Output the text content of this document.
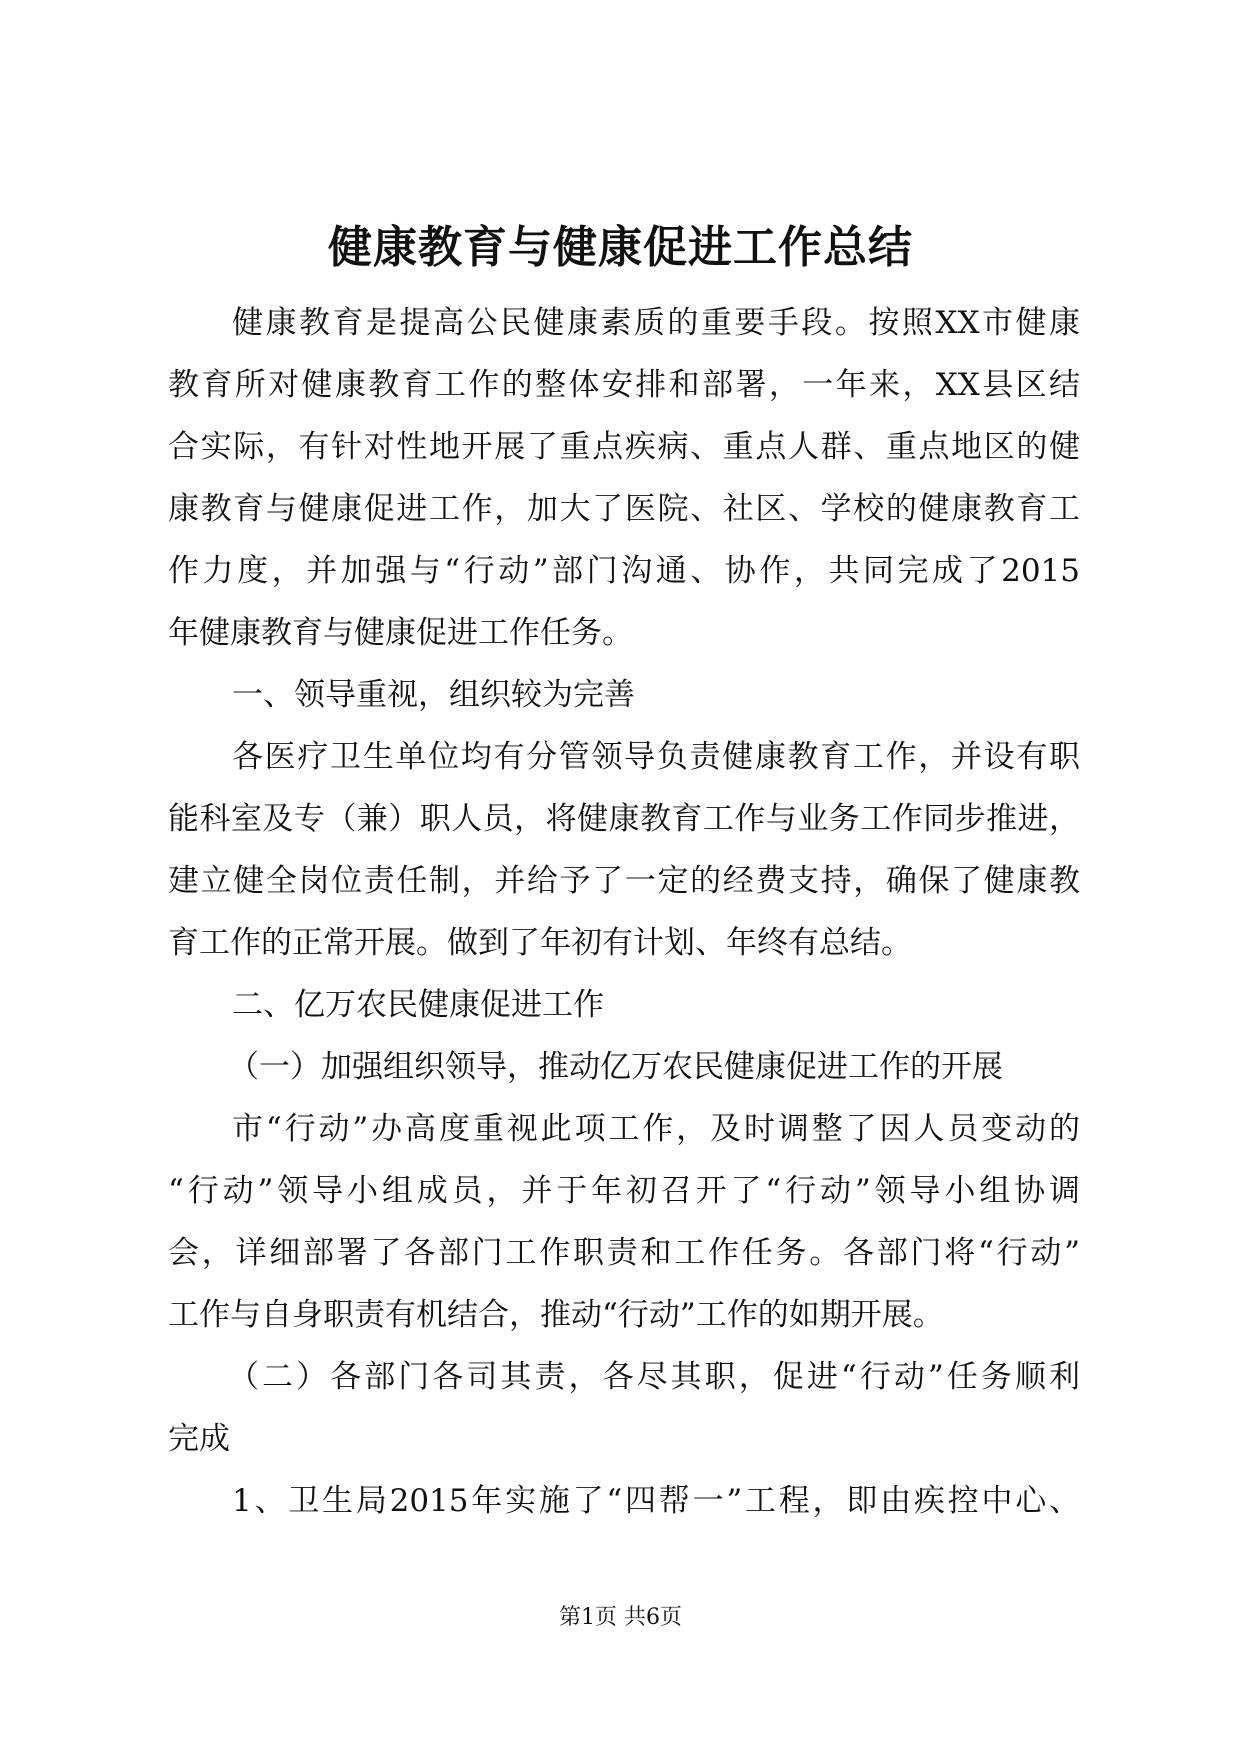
健康教育与健康促进工作总结
健康教育是提高公民健康素质的重要手段。按照XX市健康
教育所对健康教育工作的整体安排和部署，一年来，XX县区结
合实际，有针对性地开展了重点疾病、重点人群、重点地区的健
康教育与健康促进工作，加大了医院、社区、学校的健康教育工
作力度，并加强与“行动”部门沟通、协作，共同完成了2015
年健康教育与健康促进工作任务。
一、领导重视，组织较为完善
各医疗卫生单位均有分管领导负责健康教育工作，并设有职
能科室及专（兼）职人员，将健康教育工作与业务工作同步推进，
建立健全岗位责任制，并给予了一定的经费支持，确保了健康教
育工作的正常开展。做到了年初有计划、年终有总结。
二、亿万农民健康促进工作
（一）加强组织领导，推动亿万农民健康促进工作的开展
市“行动”办高度重视此项工作，及时调整了因人员变动的
“行动”领导小组成员，并于年初召开了“行动”领导小组协调
会，详细部署了各部门工作职责和工作任务。各部门将“行动”
工作与自身职责有机结合，推动“行动”工作的如期开展。
（二）各部门各司其责，各尽其职，促进“行动”任务顺利
完成
1、卫生局2015年实施了“四帮一”工程，即由疾控中心、
第1页 共6页
